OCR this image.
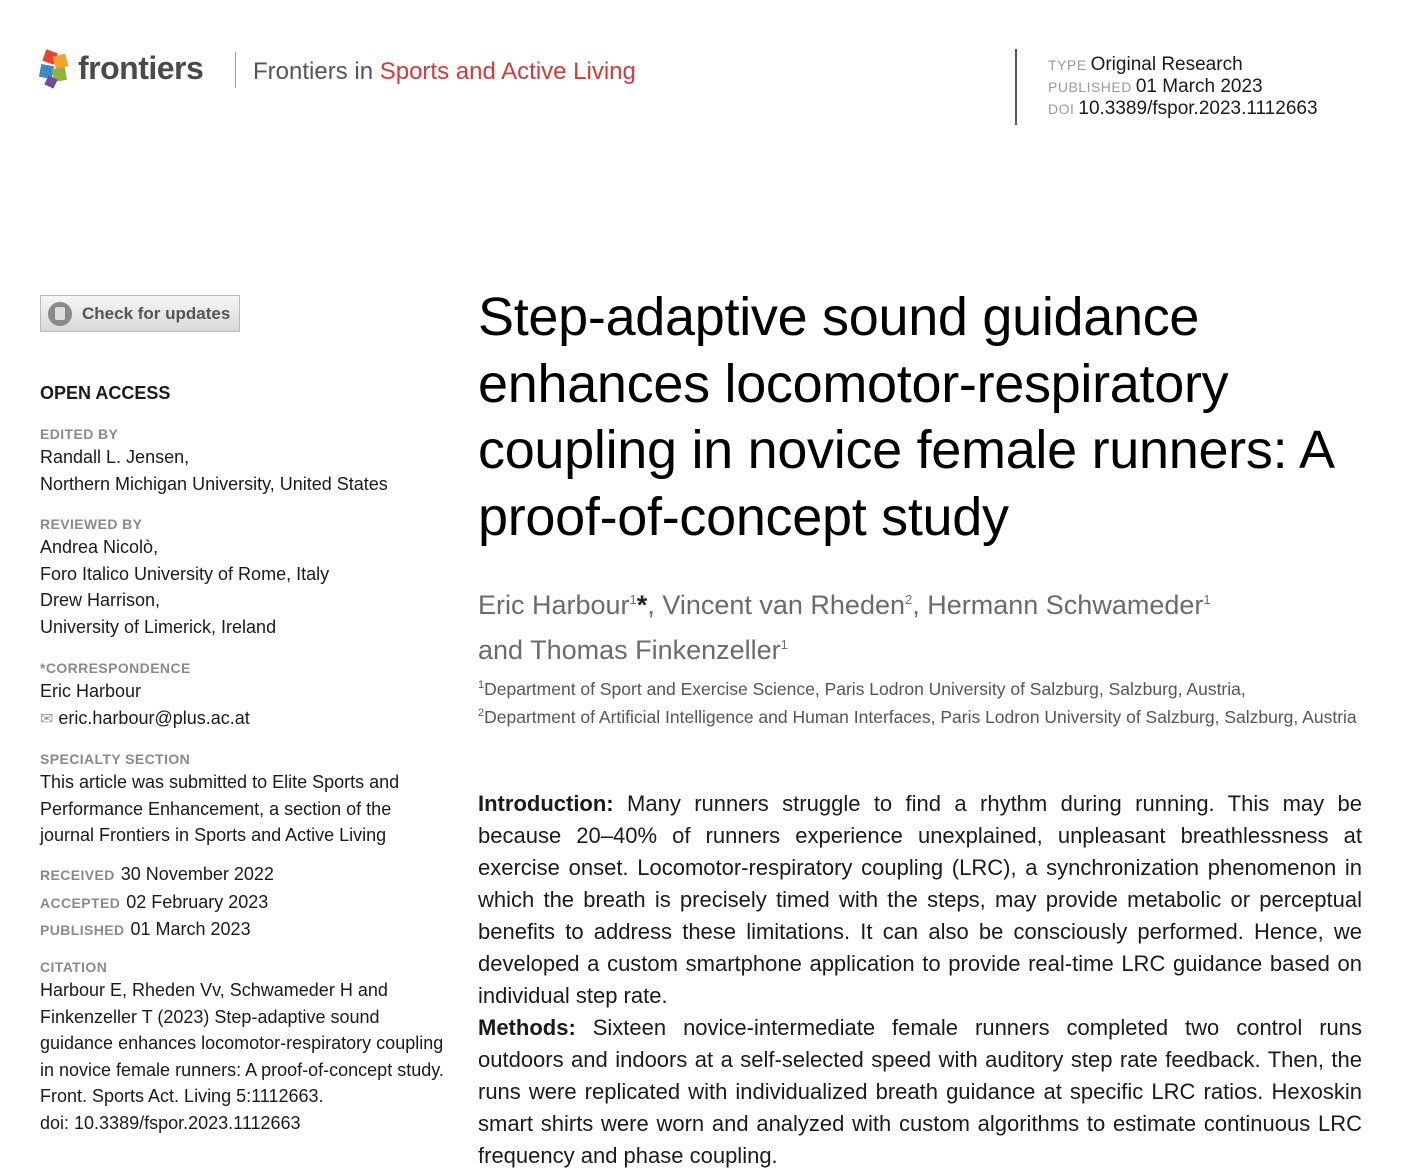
frontiers Frontiers in Sports and Active Living	TYPE Original Research
PUBLISHED 01 March 2023
DOI 10.3389/fspor.2023.1112663
Check for updates
OPEN ACCESS
EDITED BY
Randall L. Jensen,
Northern Michigan University, United States
REVIEWED BY
Andrea Nicolò,
Foro Italico University of Rome, Italy
Drew Harrison,
University of Limerick, Ireland
*CORRESPONDENCE
Eric Harbour
✉ eric.harbour@plus.ac.at
SPECIALTY SECTION
This article was submitted to Elite Sports and Performance Enhancement, a section of the journal Frontiers in Sports and Active Living
RECEIVED 30 November 2022
ACCEPTED 02 February 2023
PUBLISHED 01 March 2023
CITATION
Harbour E, Rheden Vv, Schwameder H and Finkenzeller T (2023) Step-adaptive sound guidance enhances locomotor-respiratory coupling in novice female runners: A proof-of-concept study.
Front. Sports Act. Living 5:1112663.
doi: 10.3389/fspor.2023.1112663
Step-adaptive sound guidance enhances locomotor-respiratory coupling in novice female runners: A proof-of-concept study
Eric Harbour$^1$*, Vincent van Rheden$^2$, Hermann Schwameder$^1$
and Thomas Finkenzeller$^1$
$^1$Department of Sport and Exercise Science, Paris Lodron University of Salzburg, Salzburg, Austria,
$^2$Department of Artificial Intelligence and Human Interfaces, Paris Lodron University of Salzburg, Salzburg, Austria

Introduction: Many runners struggle to find a rhythm during running. This may be because 20–40% of runners experience unexplained, unpleasant breathlessness at exercise onset. Locomotor-respiratory coupling (LRC), a synchronization phenomenon in which the breath is precisely timed with the steps, may provide metabolic or perceptual benefits to address these limitations. It can also be consciously performed. Hence, we developed a custom smartphone application to provide real-time LRC guidance based on individual step rate.

Methods: Sixteen novice-intermediate female runners completed two control runs outdoors and indoors at a self-selected speed with auditory step rate feedback. Then, the runs were replicated with individualized breath guidance at specific LRC ratios. Hexoskin smart shirts were worn and analyzed with custom algorithms to estimate continuous LRC frequency and phase coupling.
